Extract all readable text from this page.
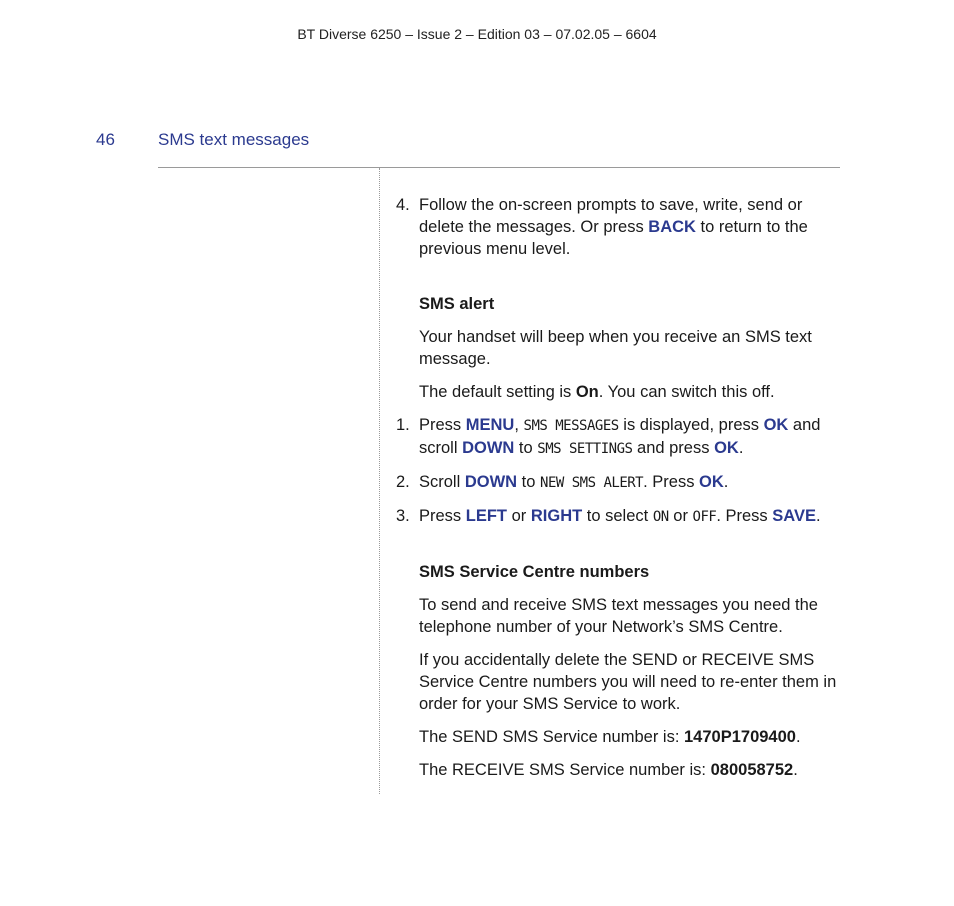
BT Diverse 6250 – Issue 2 – Edition 03 – 07.02.05 – 6604
46	SMS text messages
4. Follow the on-screen prompts to save, write, send or delete the messages. Or press BACK to return to the previous menu level.
SMS alert
Your handset will beep when you receive an SMS text message.
The default setting is On. You can switch this off.
1. Press MENU, SMS MESSAGES is displayed, press OK and scroll DOWN to SMS SETTINGS and press OK.
2. Scroll DOWN to NEW SMS ALERT. Press OK.
3. Press LEFT or RIGHT to select ON or OFF. Press SAVE.
SMS Service Centre numbers
To send and receive SMS text messages you need the telephone number of your Network’s SMS Centre.
If you accidentally delete the SEND or RECEIVE SMS Service Centre numbers you will need to re-enter them in order for your SMS Service to work.
The SEND SMS Service number is: 1470P1709400.
The RECEIVE SMS Service number is: 080058752.
